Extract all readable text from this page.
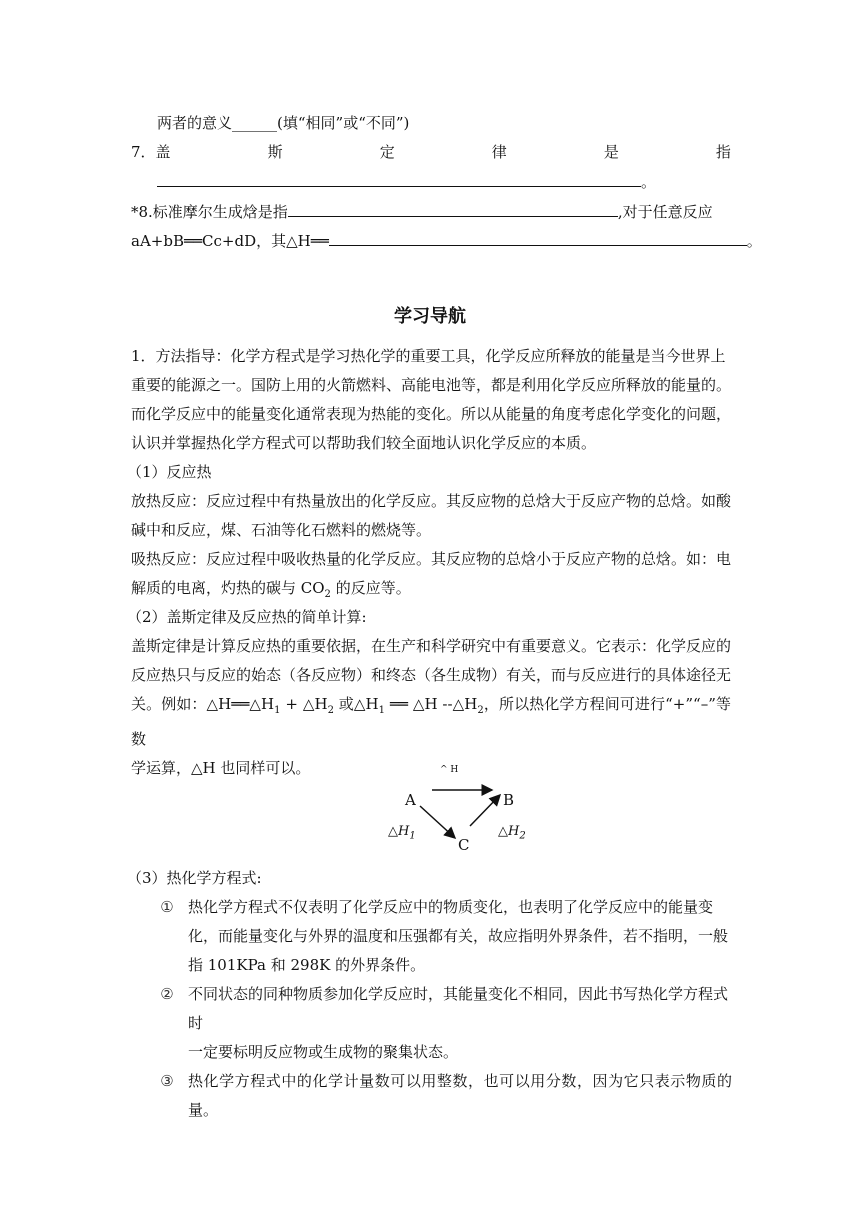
两者的意义______(填“相同”或“不同”)
7．盖	斯	定	律	是	指
。
*8.标准摩尔生成焓是指	,对于任意反应
aA+bB══Cc+dD，其△H══	。
学习导航
1．方法指导：化学方程式是学习热化学的重要工具，化学反应所释放的能量是当今世界上
重要的能源之一。国防上用的火箭燃料、高能电池等，都是利用化学反应所释放的能量的。
而化学反应中的能量变化通常表现为热能的变化。所以从能量的角度考虑化学变化的问题，
认识并掌握热化学方程式可以帮助我们较全面地认识化学反应的本质。
（1）反应热
放热反应：反应过程中有热量放出的化学反应。其反应物的总焓大于反应产物的总焓。如酸
碱中和反应，煤、石油等化石燃料的燃烧等。
吸热反应：反应过程中吸收热量的化学反应。其反应物的总焓小于反应产物的总焓。如：电
解质的电离，灼热的碳与 $CO_2$ 的反应等。
（2）盖斯定律及反应热的简单计算:
盖斯定律是计算反应热的重要依据，在生产和科学研究中有重要意义。它表示：化学反应的
反应热只与反应的始态（各反应物）和终态（各生成物）有关，而与反应进行的具体途径无
关。例如：$\triangle H══\triangle H_1$ + $\triangle H_2$ 或$\triangle H_1$ ══ △H $--\triangle H_2$，所以热化学方程间可进行“+”“–”等数
学运算，△H 也同样可以。	^ H
A	B
C
$\triangle H_1$	$\triangle H_2$
（3）热化学方程式:
① 热化学方程式不仅表明了化学反应中的物质变化，也表明了化学反应中的能量变
化，而能量变化与外界的温度和压强都有关，故应指明外界条件，若不指明，一般
指 101KPa 和 298K 的外界条件。
② 不同状态的同种物质参加化学反应时，其能量变化不相同，因此书写热化学方程式
时
一定要标明反应物或生成物的聚集状态。
③ 热化学方程式中的化学计量数可以用整数，也可以用分数，因为它只表示物质的量。
